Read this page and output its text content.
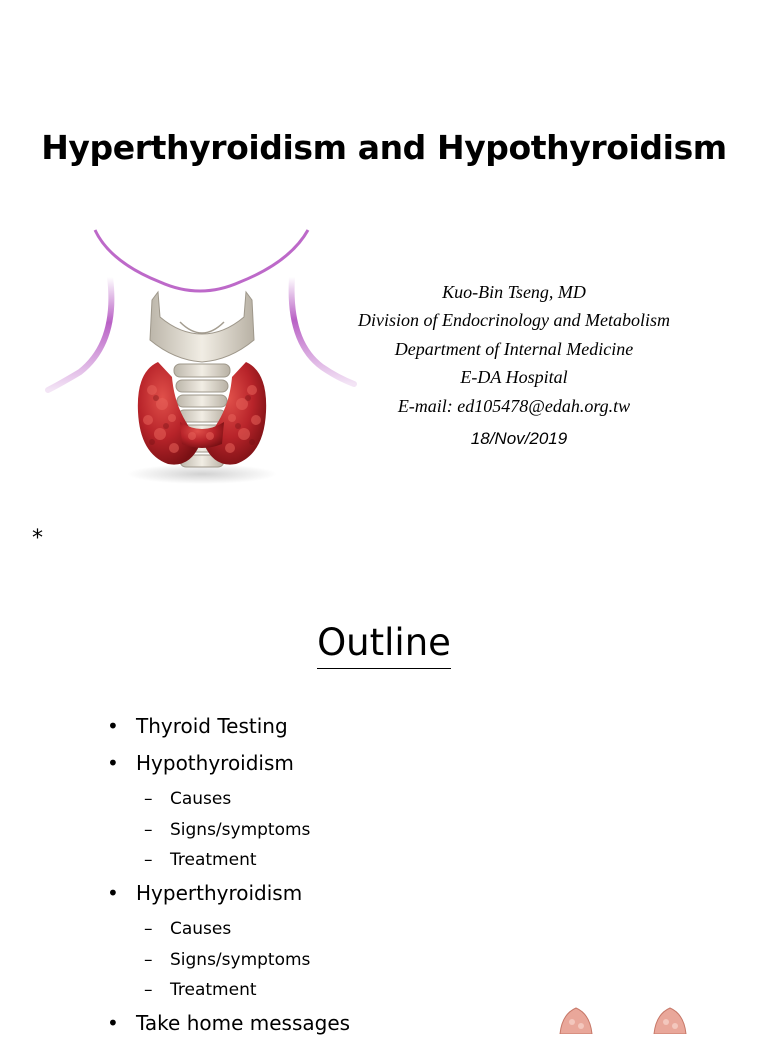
Hyperthyroidism and Hypothyroidism
Kuo-Bin Tseng, MD
Division of Endocrinology and Metabolism
Department of Internal Medicine
E-DA Hospital
E-mail: ed105478@edah.org.tw
18/Nov/2019
*
Outline
• Thyroid Testing
• Hypothyroidism
– Causes
– Signs/symptoms
– Treatment
• Hyperthyroidism
– Causes
– Signs/symptoms
– Treatment
• Take home messages
